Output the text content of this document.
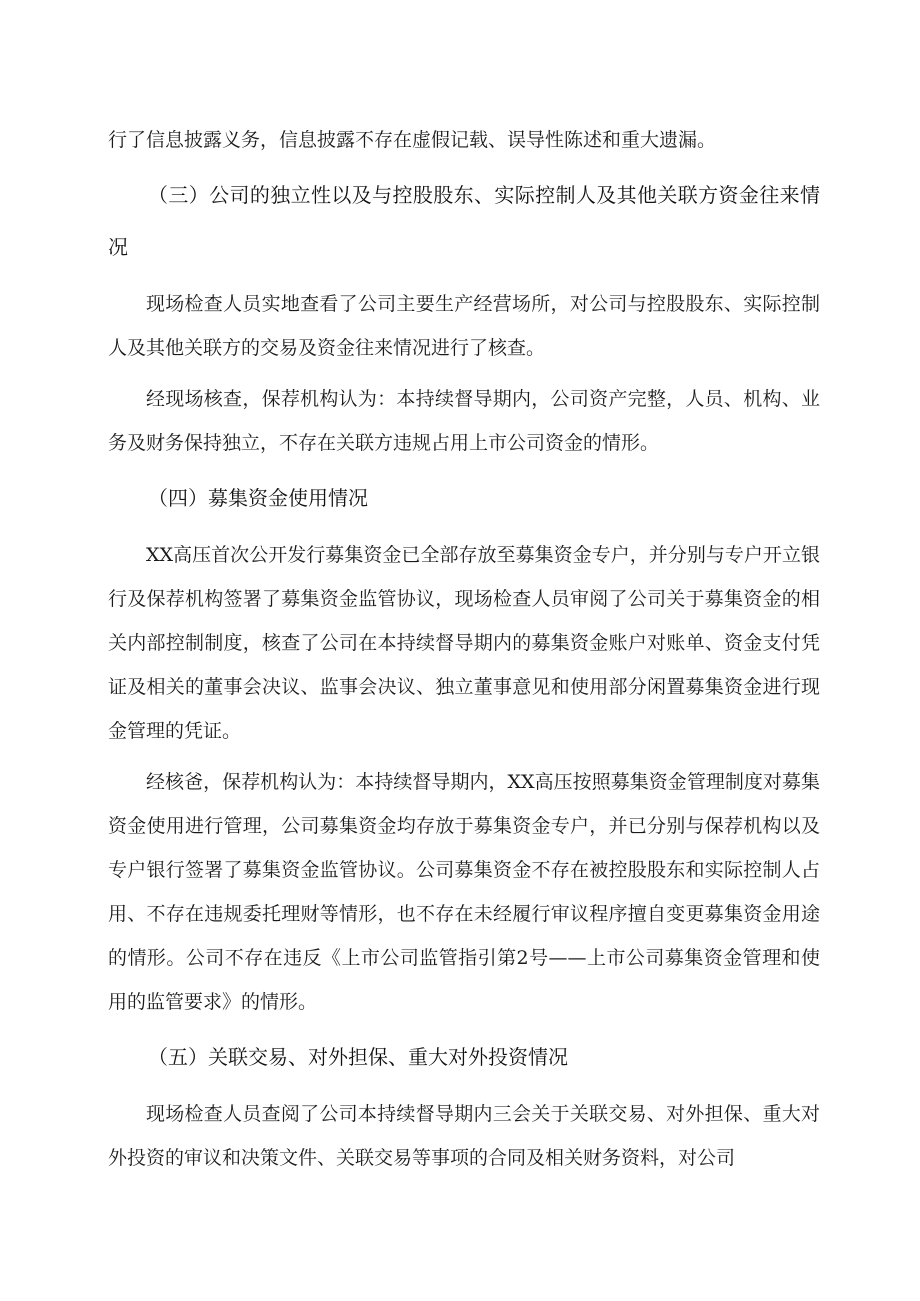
行了信息披露义务，信息披露不存在虚假记载、误导性陈述和重大遗漏。

（三）公司的独立性以及与控股股东、实际控制人及其他关联方资金往来情况

现场检查人员实地查看了公司主要生产经营场所，对公司与控股股东、实际控制人及其他关联方的交易及资金往来情况进行了核查。

经现场核查，保荐机构认为：本持续督导期内，公司资产完整，人员、机构、业务及财务保持独立，不存在关联方违规占用上市公司资金的情形。

（四）募集资金使用情况

XX高压首次公开发行募集资金已全部存放至募集资金专户，并分别与专户开立银行及保荐机构签署了募集资金监管协议，现场检查人员审阅了公司关于募集资金的相关内部控制制度，核查了公司在本持续督导期内的募集资金账户对账单、资金支付凭证及相关的董事会决议、监事会决议、独立董事意见和使用部分闲置募集资金进行现金管理的凭证。

经核爸，保荐机构认为：本持续督导期内，XX高压按照募集资金管理制度对募集资金使用进行管理，公司募集资金均存放于募集资金专户，并已分别与保荐机构以及专户银行签署了募集资金监管协议。公司募集资金不存在被控股股东和实际控制人占用、不存在违规委托理财等情形，也不存在未经履行审议程序擅自变更募集资金用途的情形。公司不存在违反《上市公司监管指引第2号——上市公司募集资金管理和使用的监管要求》的情形。

（五）关联交易、对外担保、重大对外投资情况

现场检查人员查阅了公司本持续督导期内三会关于关联交易、对外担保、重大对外投资的审议和决策文件、关联交易等事项的合同及相关财务资料，对公司
